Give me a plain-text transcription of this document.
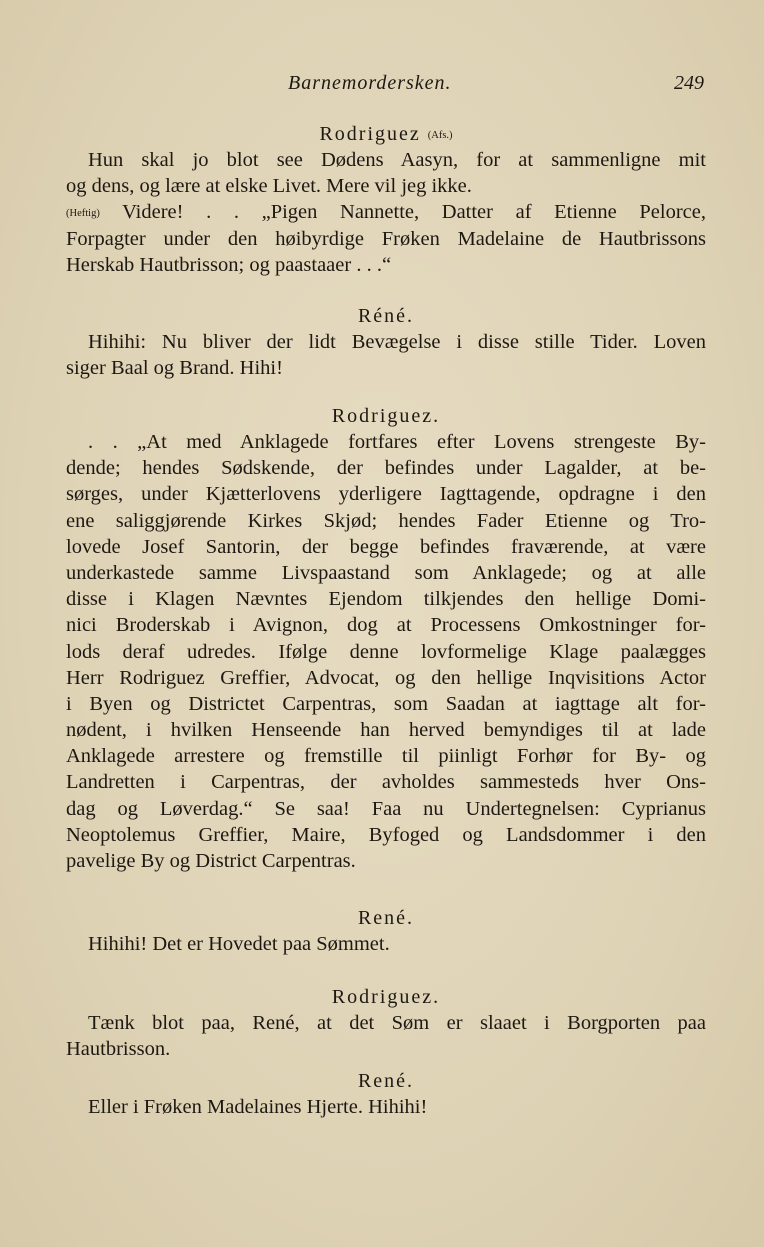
Barnemordersken.	249
Rodriguez (Afs.)
Hun skal jo blot see Dødens Aasyn, for at sammenligne mit
og dens, og lære at elske Livet. Mere vil jeg ikke.
(Heftig) Videre! . . „Pigen Nannette, Datter af Etienne Pelorce,
Forpagter under den høibyrdige Frøken Madelaine de Hautbrissons
Herskab Hautbrisson; og paastaaer . . .“
Réné.
Hihihi: Nu bliver der lidt Bevægelse i disse stille Tider. Loven
siger Baal og Brand. Hihi!
Rodriguez.
. . „At med Anklagede fortfares efter Lovens strengeste By-
dende; hendes Sødskende, der befindes under Lagalder, at be-
sørges, under Kjætterlovens yderligere Iagttagende, opdragne i den
ene saliggjørende Kirkes Skjød; hendes Fader Etienne og Tro-
lovede Josef Santorin, der begge befindes fraværende, at være
underkastede samme Livspaastand som Anklagede; og at alle
disse i Klagen Nævntes Ejendom tilkjendes den hellige Domi-
nici Broderskab i Avignon, dog at Processens Omkostninger for-
lods deraf udredes. Ifølge denne lovformelige Klage paalægges
Herr Rodriguez Greffier, Advocat, og den hellige Inqvisitions Actor
i Byen og Districtet Carpentras, som Saadan at iagttage alt for-
nødent, i hvilken Henseende han herved bemyndiges til at lade
Anklagede arrestere og fremstille til piinligt Forhør for By- og
Landretten i Carpentras, der avholdes sammesteds hver Ons-
dag og Løverdag.“ Se saa! Faa nu Undertegnelsen: Cyprianus
Neoptolemus Greffier, Maire, Byfoged og Landsdommer i den
pavelige By og District Carpentras.
René.
Hihihi! Det er Hovedet paa Sømmet.
Rodriguez.
Tænk blot paa, René, at det Søm er slaaet i Borgporten paa
Hautbrisson.
René.
Eller i Frøken Madelaines Hjerte. Hihihi!
